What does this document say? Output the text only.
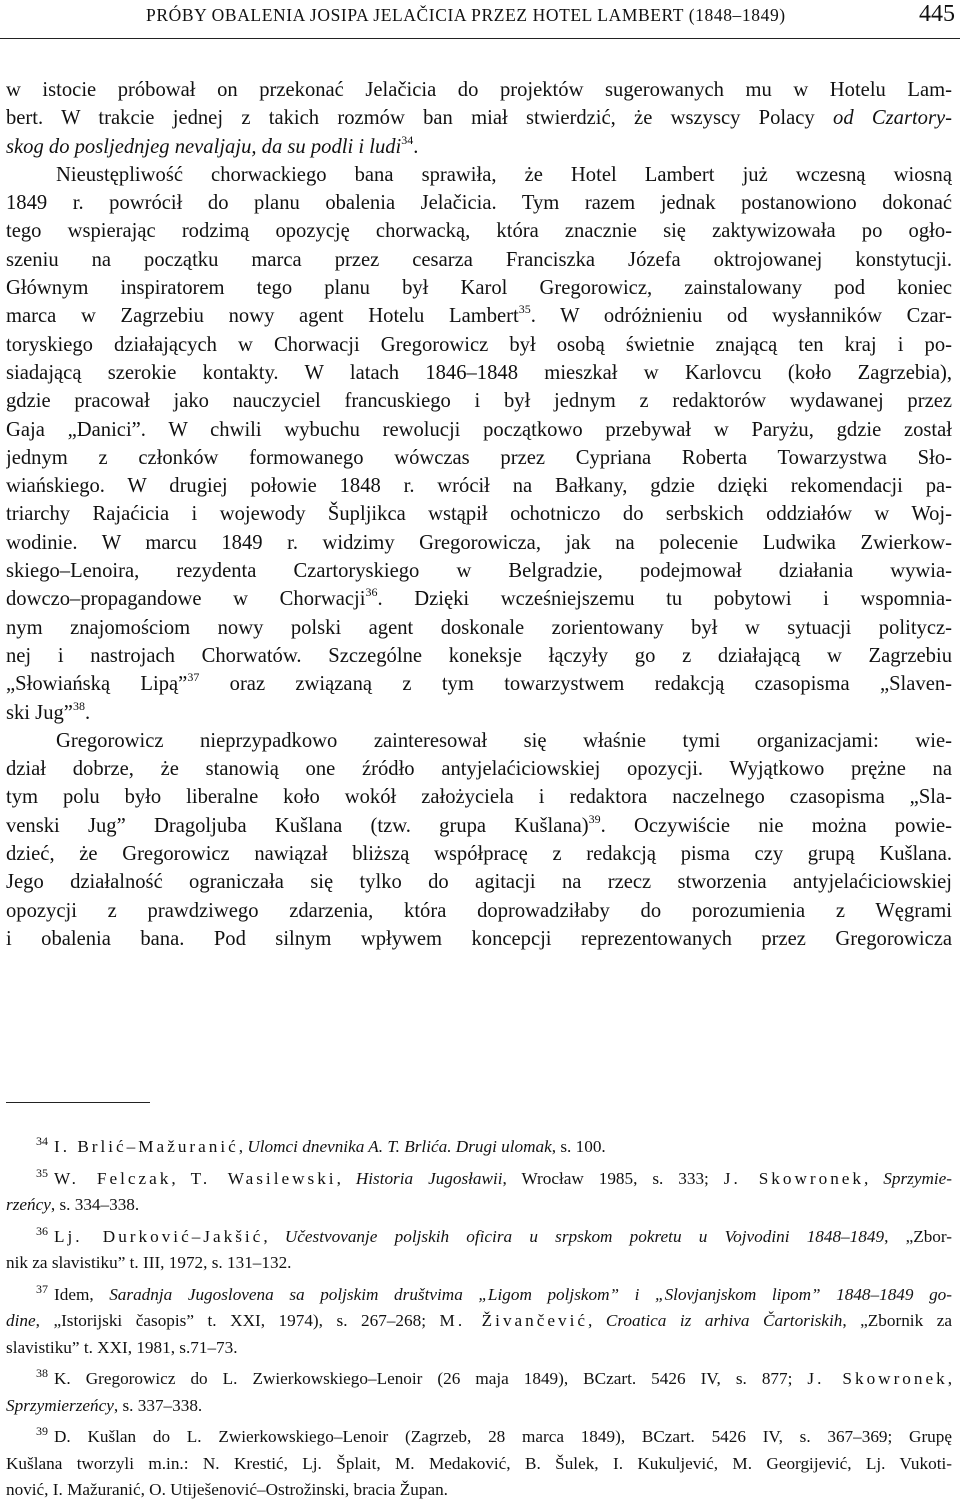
PRÓBY OBALENIA JOSIPA JELAČICIA PRZEZ HOTEL LAMBERT (1848–1849)	445
w istocie próbował on przekonać Jelačicia do projektów sugerowanych mu w Hotelu Lam-
bert. W trakcie jednej z takich rozmów ban miał stwierdzić, że wszyscy Polacy od Czartory-
skog do posljednjeg nevaljaju, da su podli i ludi$^{34}$.
Nieustępliwość chorwackiego bana sprawiła, że Hotel Lambert już wczesną wiosną
1849 r. powrócił do planu obalenia Jelačicia. Tym razem jednak postanowiono dokonać
tego wspierając rodzimą opozycję chorwacką, która znacznie się zaktywizowała po ogło-
szeniu na początku marca przez cesarza Franciszka Józefa oktrojowanej konstytucji.
Głównym inspiratorem tego planu był Karol Gregorowicz, zainstalowany pod koniec
marca w Zagrzebiu nowy agent Hotelu Lambert$^{35}$. W odróżnieniu od wysłanników Czar-
toryskiego działających w Chorwacji Gregorowicz był osobą świetnie znającą ten kraj i po-
siadającą szerokie kontakty. W latach 1846–1848 mieszkał w Karlovcu (koło Zagrzebia),
gdzie pracował jako nauczyciel francuskiego i był jednym z redaktorów wydawanej przez
Gaja „Danici”. W chwili wybuchu rewolucji początkowo przebywał w Paryżu, gdzie został
jednym z członków formowanego wówczas przez Cypriana Roberta Towarzystwa Sło-
wiańskiego. W drugiej połowie 1848 r. wrócił na Bałkany, gdzie dzięki rekomendacji pa-
triarchy Rajaćicia i wojewody Šupljikca wstąpił ochotniczo do serbskich oddziałów w Woj-
wodinie. W marcu 1849 r. widzimy Gregorowicza, jak na polecenie Ludwika Zwierkow-
skiego–Lenoira, rezydenta Czartoryskiego w Belgradzie, podejmował działania wywia-
dowczo–propagandowe w Chorwacji$^{36}$. Dzięki wcześniejszemu tu pobytowi i wspomnia-
nym znajomościom nowy polski agent doskonale zorientowany był w sytuacji politycz-
nej i nastrojach Chorwatów. Szczególne koneksje łączyły go z działającą w Zagrzebiu
„Słowiańską Lipą”$^{37}$ oraz związaną z tym towarzystwem redakcją czasopisma „Slaven-
ski Jug”$^{38}$.
Gregorowicz nieprzypadkowo zainteresował się właśnie tymi organizacjami: wie-
dział dobrze, że stanowią one źródło antyjelaćiciowskiej opozycji. Wyjątkowo prężne na
tym polu było liberalne koło wokół założyciela i redaktora naczelnego czasopisma „Sla-
venski Jug” Dragoljuba Kušlana (tzw. grupa Kušlana)$^{39}$. Oczywiście nie można powie-
dzieć, że Gregorowicz nawiązał bliższą współpracę z redakcją pisma czy grupą Kušlana.
Jego działalność ograniczała się tylko do agitacji na rzecz stworzenia antyjelaćiciowskiej
opozycji z prawdziwego zdarzenia, która doprowadziłaby do porozumienia z Węgrami
i obalenia bana. Pod silnym wpływem koncepcji reprezentowanych przez Gregorowicza
$^{34}$ I. Brlić–Mažuranić, Ulomci dnevnika A. T. Brlića. Drugi ulomak, s. 100.
$^{35}$ W. Felczak, T. Wasilewski, Historia Jugosławii, Wrocław 1985, s. 333; J. Skowronek, Sprzymie-
rzeńcy, s. 334–338.
$^{36}$ Lj. Durković–Jakšić, Učestvovanje poljskih oficira u srpskom pokretu u Vojvodini 1848–1849, „Zbor-
nik za slavistiku” t. III, 1972, s. 131–132.
$^{37}$ Idem, Saradnja Jugoslovena sa poljskim društvima „Ligom poljskom” i „Slovjanjskom lipom” 1848–1849 go-
dine, „Istorijski časopis” t. XXI, 1974), s. 267–268; M. Živančević, Croatica iz arhiva Čartoriskih, „Zbornik za
slavistiku” t. XXI, 1981, s.71–73.
$^{38}$ K. Gregorowicz do L. Zwierkowskiego–Lenoir (26 maja 1849), BCzart. 5426 IV, s. 877; J. Skowronek,
Sprzymierzeńcy, s. 337–338.
$^{39}$ D. Kušlan do L. Zwierkowskiego–Lenoir (Zagrzeb, 28 marca 1849), BCzart. 5426 IV, s. 367–369; Grupę
Kušlana tworzyli m.in.: N. Krestić, Lj. Šplait, M. Medaković, B. Šulek, I. Kukuljević, M. Georgijević, Lj. Vukoti-
nović, I. Mažuranić, O. Utiješenović–Ostrožinski, bracia Župan.
